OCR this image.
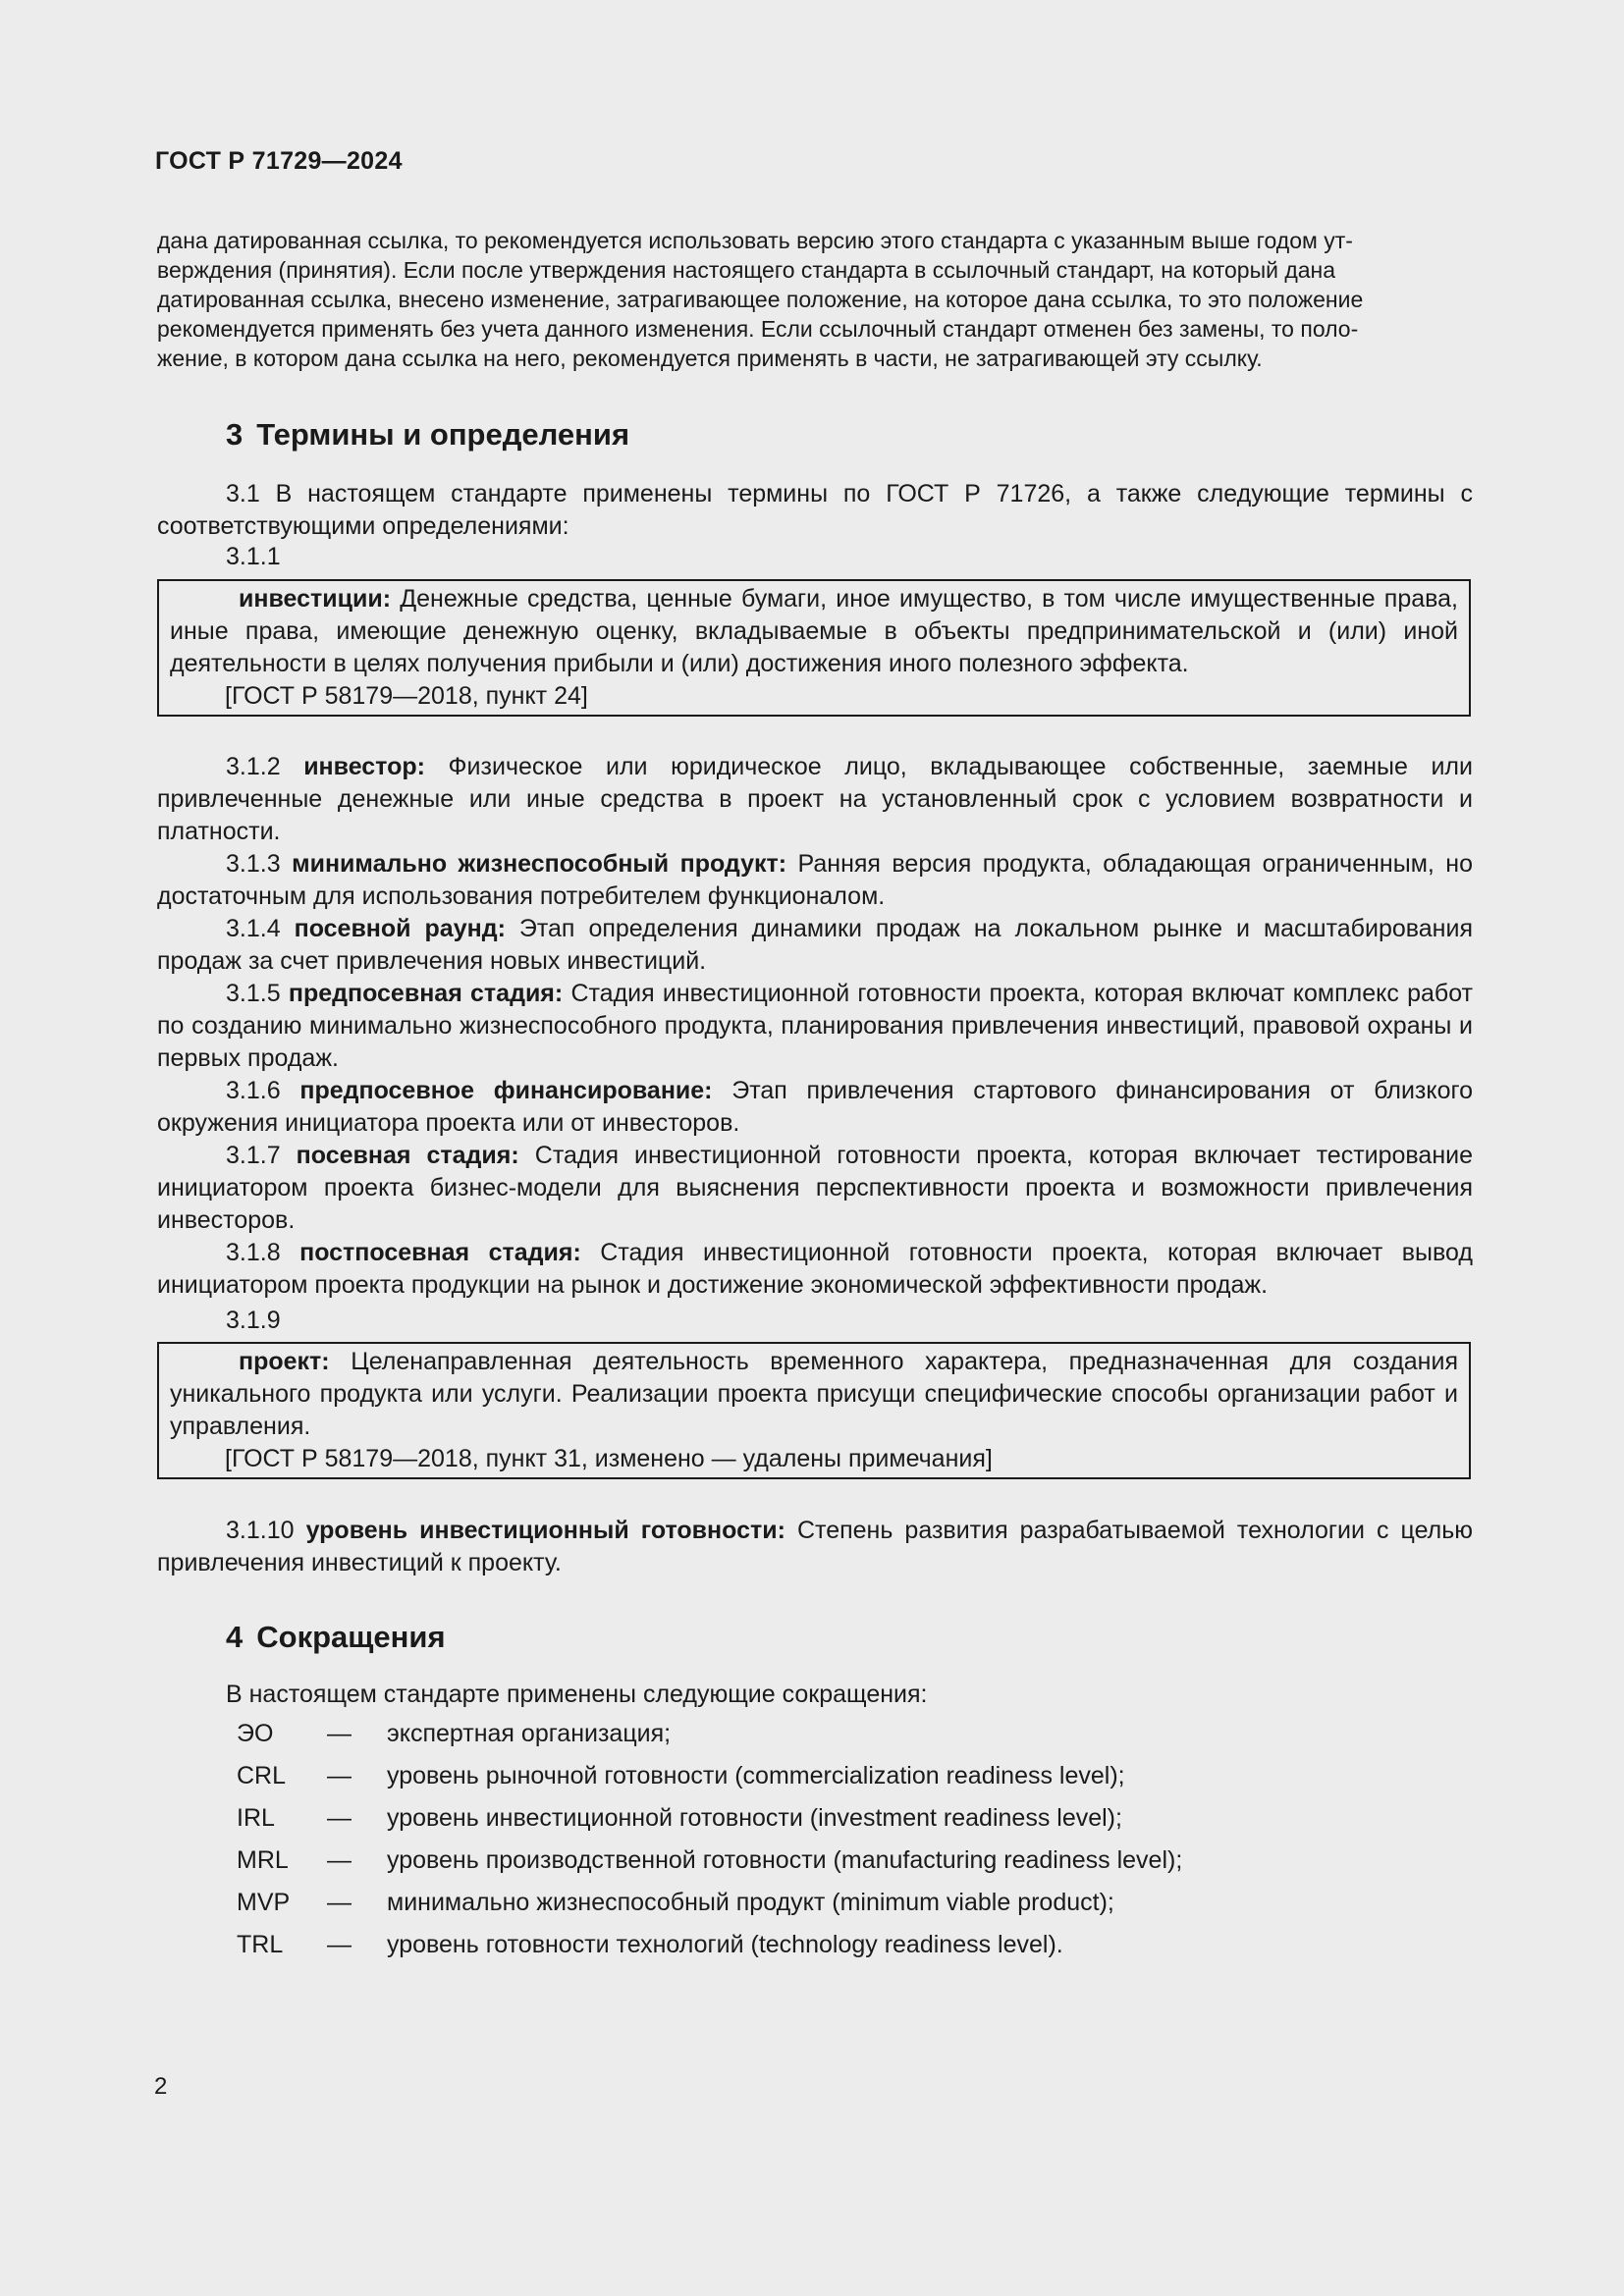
ГОСТ Р 71729—2024

дана датированная ссылка, то рекомендуется использовать версию этого стандарта с указанным выше годом ут-

верждения (принятия). Если после утверждения настоящего стандарта в ссылочный стандарт, на который дана

датированная ссылка, внесено изменение, затрагивающее положение, на которое дана ссылка, то это положение

рекомендуется применять без учета данного изменения. Если ссылочный стандарт отменен без замены, то поло-

жение, в котором дана ссылка на него, рекомендуется применять в части, не затрагивающей эту ссылку.

3 Термины и определения

3.1 В настоящем стандарте применены термины по ГОСТ Р 71726, а также следующие термины с соответствующими определениями:

3.1.1

инвестиции: Денежные средства, ценные бумаги, иное имущество, в том числе имущественные права, иные права, имеющие денежную оценку, вкладываемые в объекты предпринимательской и (или) иной деятельности в целях получения прибыли и (или) достижения иного полезного эффекта.

[ГОСТ Р 58179—2018, пункт 24]

3.1.2 инвестор: Физическое или юридическое лицо, вкладывающее собственные, заемные или привлеченные денежные или иные средства в проект на установленный срок с условием возвратности и платности.

3.1.3 минимально жизнеспособный продукт: Ранняя версия продукта, обладающая ограниченным, но достаточным для использования потребителем функционалом.

3.1.4 посевной раунд: Этап определения динамики продаж на локальном рынке и масштабирования продаж за счет привлечения новых инвестиций.

3.1.5 предпосевная стадия: Стадия инвестиционной готовности проекта, которая включат комплекс работ по созданию минимально жизнеспособного продукта, планирования привлечения инвестиций, правовой охраны и первых продаж.

3.1.6 предпосевное финансирование: Этап привлечения стартового финансирования от близкого окружения инициатора проекта или от инвесторов.

3.1.7 посевная стадия: Стадия инвестиционной готовности проекта, которая включает тестирование инициатором проекта бизнес-модели для выяснения перспективности проекта и возможности привлечения инвесторов.

3.1.8 постпосевная стадия: Стадия инвестиционной готовности проекта, которая включает вывод инициатором проекта продукции на рынок и достижение экономической эффективности продаж.

3.1.9

проект: Целенаправленная деятельность временного характера, предназначенная для создания уникального продукта или услуги. Реализации проекта присущи специфические способы организации работ и управления.

[ГОСТ Р 58179—2018, пункт 31, изменено — удалены примечания]

3.1.10 уровень инвестиционный готовности: Степень развития разрабатываемой технологии с целью привлечения инвестиций к проекту.

4 Сокращения
В настоящем стандарте применены следующие сокращения:
ЭО	—	экспертная организация;
CRL	—	уровень рыночной готовности (commercialization readiness level);
IRL	—	уровень инвестиционной готовности (investment readiness level);
MRL	—	уровень производственной готовности (manufacturing readiness level);
MVP	—	минимально жизнеспособный продукт (minimum viable product);
TRL	—	уровень готовности технологий (technology readiness level).
2
